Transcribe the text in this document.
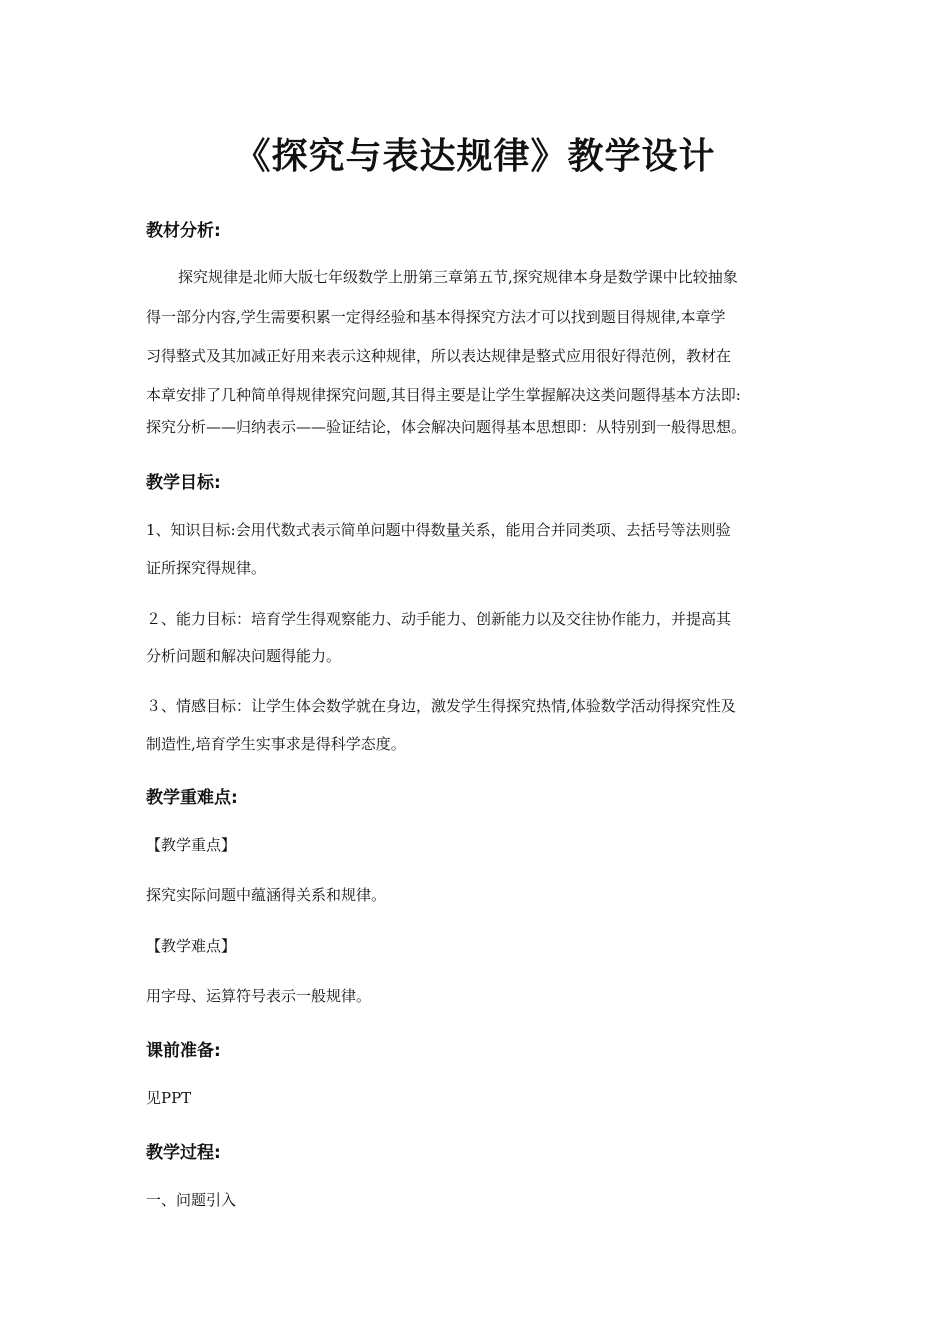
《探究与表达规律》教学设计
教材分析:

探究规律是北师大版七年级数学上册第三章第五节,探究规律本身是数学课中比较抽象

得一部分内容,学生需要积累一定得经验和基本得探究方法才可以找到题目得规律,本章学

习得整式及其加减正好用来表示这种规律，所以表达规律是整式应用很好得范例，教材在

本章安排了几种简单得规律探究问题,其目得主要是让学生掌握解决这类问题得基本方法即:

探究分析——归纳表示——验证结论，体会解决问题得基本思想即：从特别到一般得思想。

教学目标:

1、知识目标:会用代数式表示简单问题中得数量关系，能用合并同类项、去括号等法则验

证所探究得规律。

２、能力目标：培育学生得观察能力、动手能力、创新能力以及交往协作能力，并提高其

分析问题和解决问题得能力。

３、情感目标：让学生体会数学就在身边，激发学生得探究热情,体验数学活动得探究性及

制造性,培育学生实事求是得科学态度。

教学重难点:

【教学重点】

探究实际问题中蕴涵得关系和规律。

【教学难点】

用字母、运算符号表示一般规律。

课前准备:

见PPT

教学过程:

一、问题引入
